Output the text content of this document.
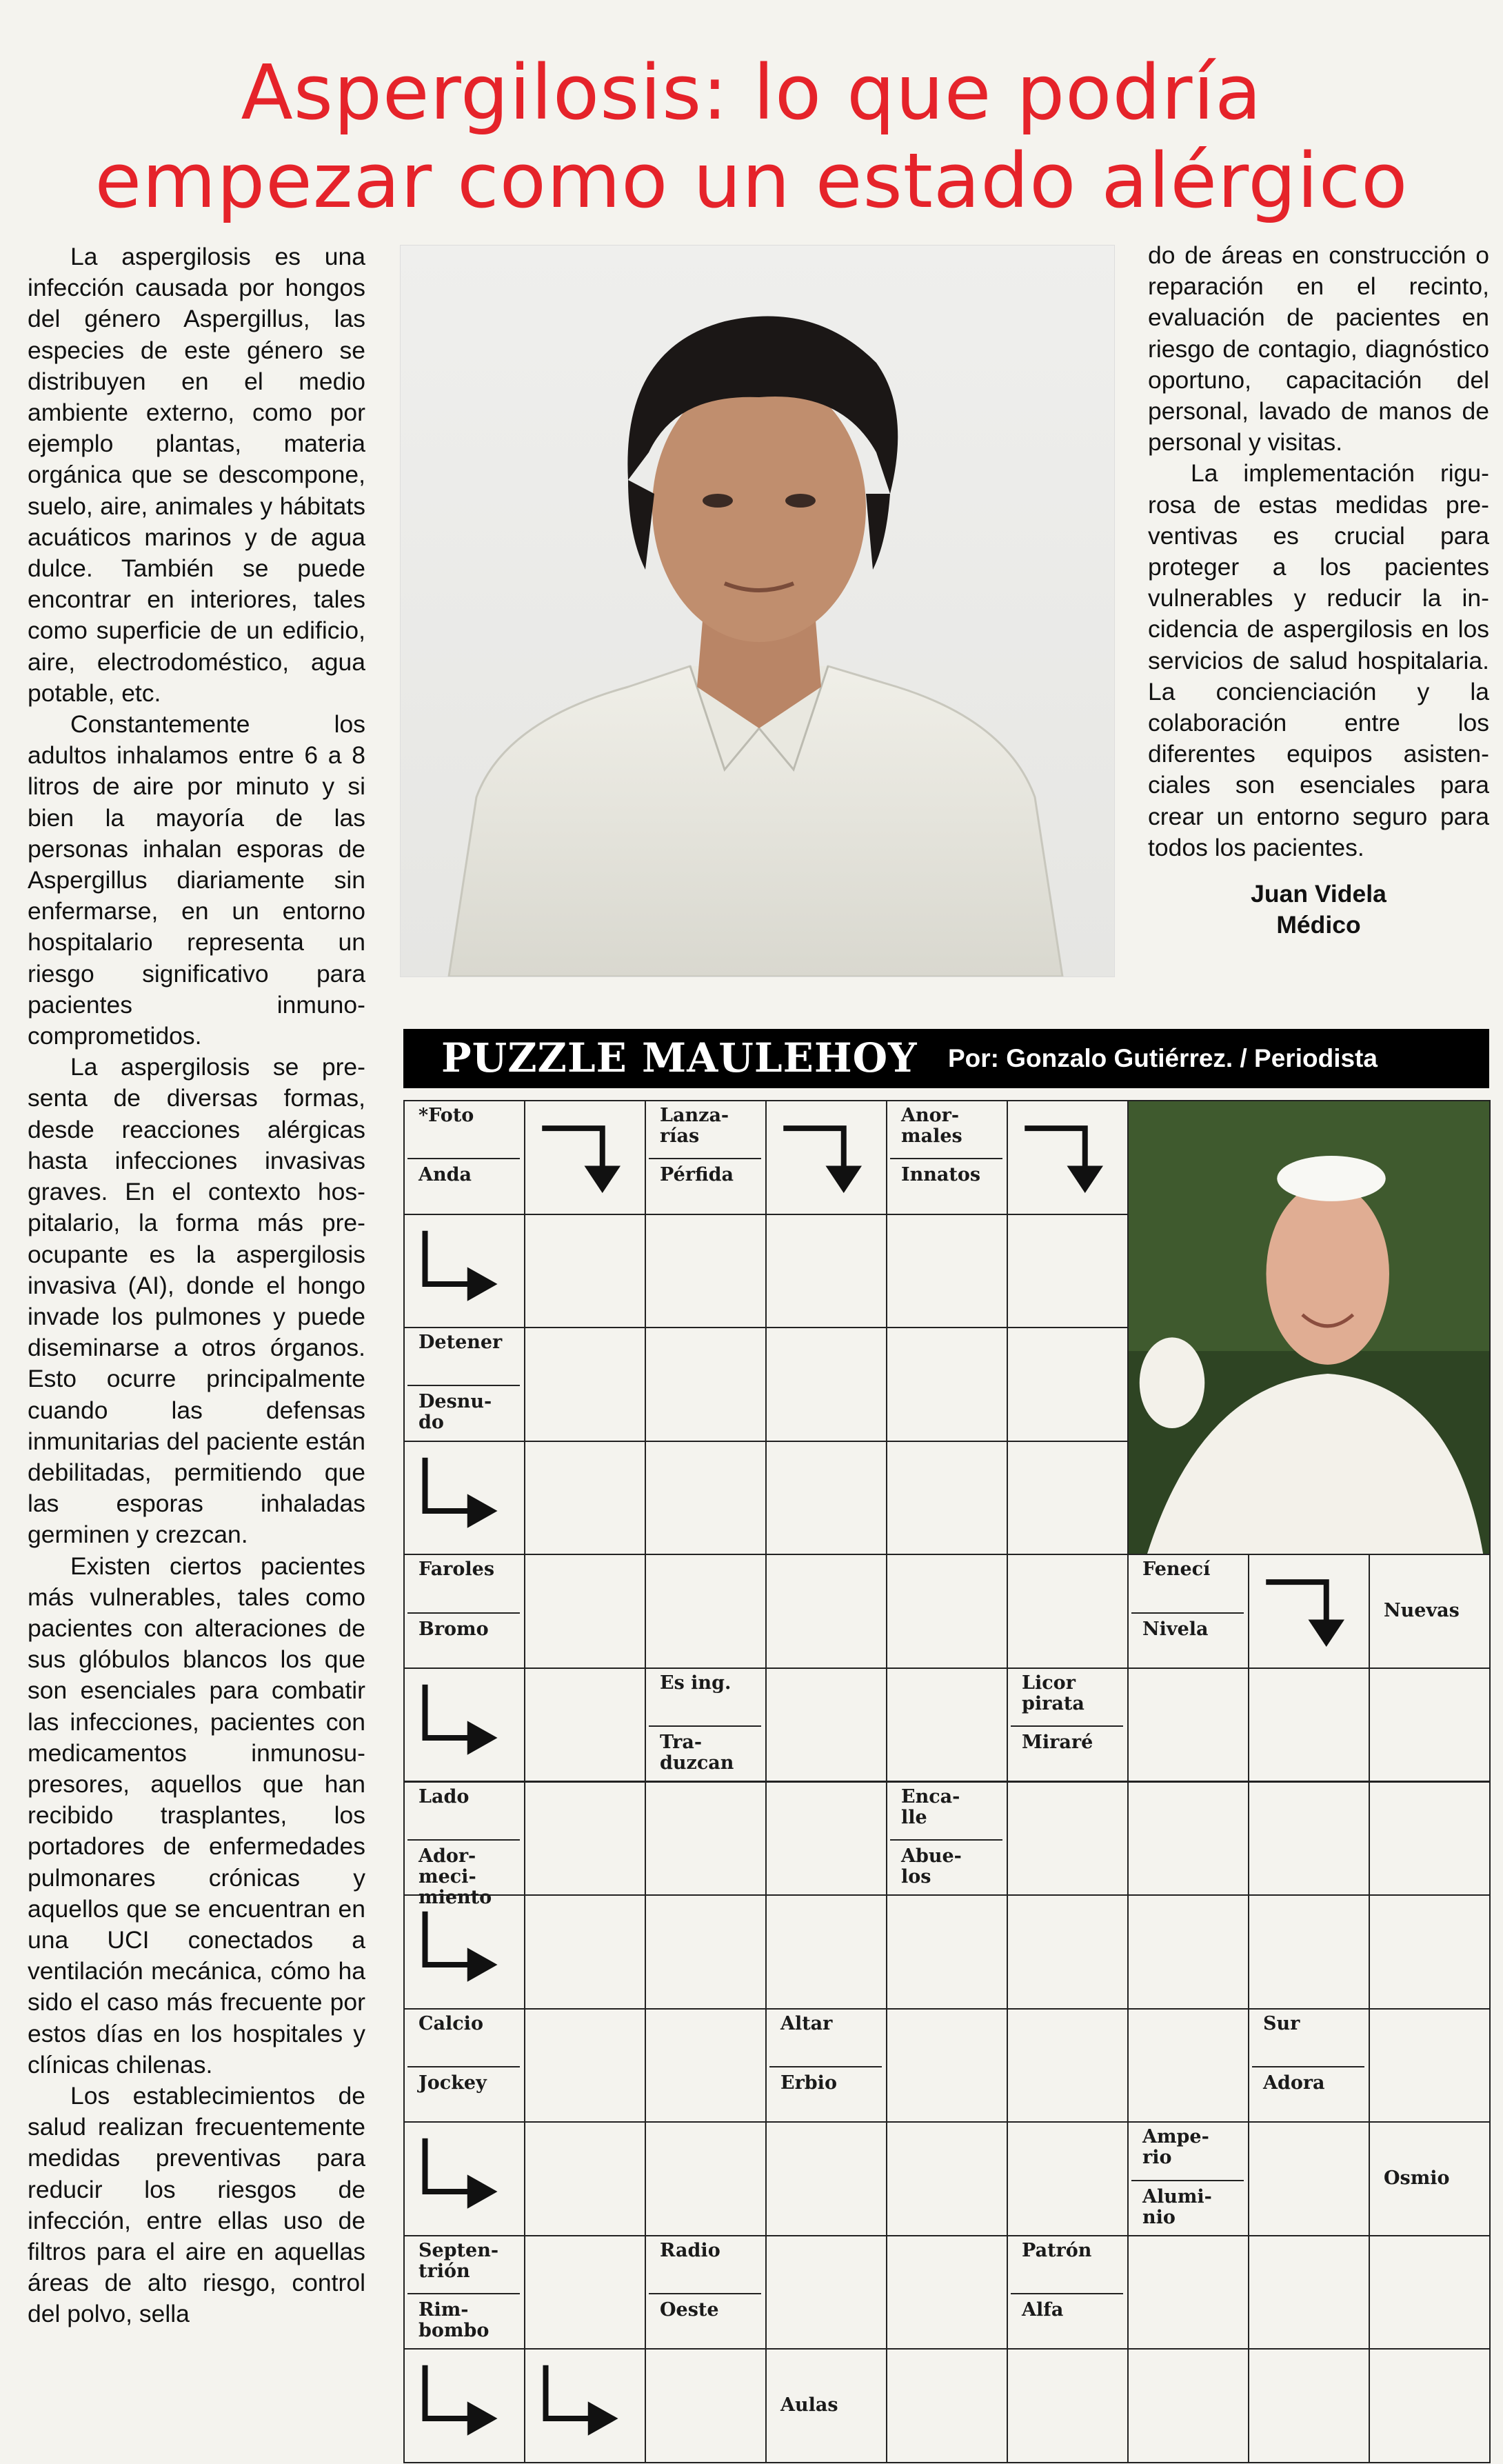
Aspergilosis: lo que podría
empezar como un estado alérgico

La aspergilosis es una infección causada por hongos del género Aspergillus, las especies de este género se distribuyen en el medio ambiente externo, como por ejemplo plantas, materia orgánica que se descompone, suelo, aire, animales y hábitats acuáticos marinos y de agua dulce. También se puede encontrar en interiores, tales como superficie de un edificio, aire, electrodoméstico, agua potable, etc.

Constantemente los adultos inhalamos entre 6 a 8 litros de aire por minuto y si bien la mayoría de las personas inhalan esporas de Aspergillus diariamente sin enfermarse, en un entorno hospitalario representa un riesgo significativo para pacientes inmunocomprometidos.

La aspergilosis se presenta de diversas formas, desde reacciones alérgicas hasta infecciones invasivas graves. En el contexto hospitalario, la forma más preocupante es la aspergilosis invasiva (AI), donde el hongo invade los pulmones y puede diseminarse a otros órganos. Esto ocurre principalmente cuando las defensas inmunitarias del paciente están debilitadas, permitiendo que las esporas inhaladas germinen y crezcan.

Existen ciertos pacientes más vulnerables, tales como pacientes con alteraciones de sus glóbulos blancos los que son esenciales para combatir las infecciones, pacientes con medicamentos inmunosupresores, aquellos que han recibido trasplantes, los portadores de enfermedades pulmonares crónicas y aquellos que se encuentran en una UCI conectados a ventilación mecánica, cómo ha sido el caso más frecuente por estos días en los hospitales y clínicas chilenas.

Los establecimientos de salud realizan frecuentemente medidas preventivas para reducir los riesgos de infección, entre ellas uso de filtros para el aire en aquellas áreas de alto riesgo, control del polvo, sella

do de áreas en construcción o reparación en el recinto, evaluación de pacientes en riesgo de contagio, diagnóstico oportuno, capacitación del personal, lavado de manos de personal y visitas.

La implementación rigurosa de estas medidas preventivas es crucial para proteger a los pacientes vulnerables y reducir la incidencia de aspergilosis en los servicios de salud hospitalaria. La concienciación y la colaboración entre los diferentes equipos asistenciales son esenciales para crear un entorno seguro para todos los pacientes.

Juan Videla
Médico
PUZZLE MAULEHOY Por: Gonzalo Gutiérrez. / Periodista
*Foto
Anda
Lanza-
rías
Pérfida
Anor-
males
Innatos
Detener
Desnu-
do
Faroles
Bromo
Fenecí
Nivela
Nuevas
Es ing.
Tra-
duzcan
Licor
pirata
Miraré
Lado
Ador-
meci-
miento
Enca-
lle
Abue-
los
Calcio
Jockey
Altar
Erbio
Sur
Adora
Ampe-
rio
Alumi-
nio
Osmio
Septen-
trión
Rim-
bombo
Radio
Oeste
Patrón
Alfa
Aulas
